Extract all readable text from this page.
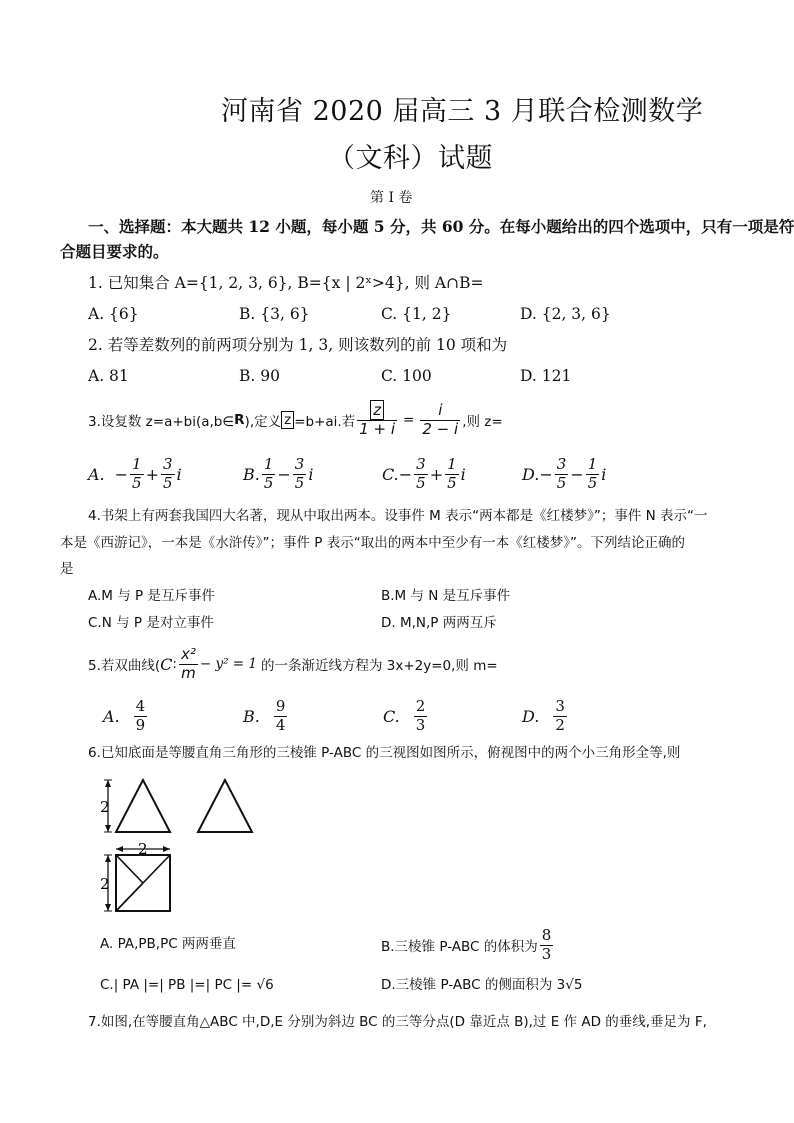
河南省 2020 届高三 3 月联合检测数学
（文科）试题
第 I 卷
一、选择题：本大题共 12 小题，每小题 5 分，共 60 分。在每小题给出的四个选项中，只有一项是符
合题目要求的。
1. 已知集合 A={1, 2, 3, 6}, B={x | 2ˣ>4}, 则 A∩B=
A. {6}	B. {3, 6}	C. {1, 2}	D. {2, 3, 6}
2. 若等差数列的前两项分别为 1, 3, 则该数列的前 10 项和为
A. 81	B. 90	C. 100	D. 121
3.设复数 z=a+bi(a,b∈ R ),定义 z =b+ai.若 $\frac{z}{1 + i} = \frac{i}{2 - i}$ ,则 z=
A. − $\frac{1}{5} + \frac{3}{5}$ i	B. $\frac{1}{5} - \frac{3}{5}$ i	C. − $\frac{3}{5} + \frac{1}{5}$ i	D. − $\frac{3}{5} - \frac{1}{5}$ i
4.书架上有两套我国四大名著，现从中取出两本。设事件 M 表示“两本都是《红楼梦》”；事件 N 表示“一
本是《西游记》，一本是《水浒传》”；事件 P 表示“取出的两本中至少有一本《红楼梦》”。下列结论正确的
是
A.M 与 P 是互斥事件	B.M 与 N 是互斥事件
C.N 与 P 是对立事件	D. M,N,P 两两互斥
5.若双曲线( C : $\frac{\text{x²}}{m} - y^2 = 1$ 的一条渐近线方程为 3x+2y=0,则 m=
A. $\frac{4}{9}$	B. $\frac{9}{4}$	C. $\frac{2}{3}$	D. $\frac{3}{2}$
6.已知底面是等腰直角三角形的三棱锥 P-ABC 的三视图如图所示，俯视图中的两个小三角形全等,则
2
2
2
A. PA,PB,PC 两两垂直	B.三棱锥 P-ABC 的体积为 $\frac{8}{3}$
C.| PA |=| PB |=| PC |= √6	D.三棱锥 P-ABC 的侧面积为 3√5
7.如图,在等腰直角△ABC 中,D,E 分别为斜边 BC 的三等分点(D 靠近点 B),过 E 作 AD 的垂线,垂足为 F,
